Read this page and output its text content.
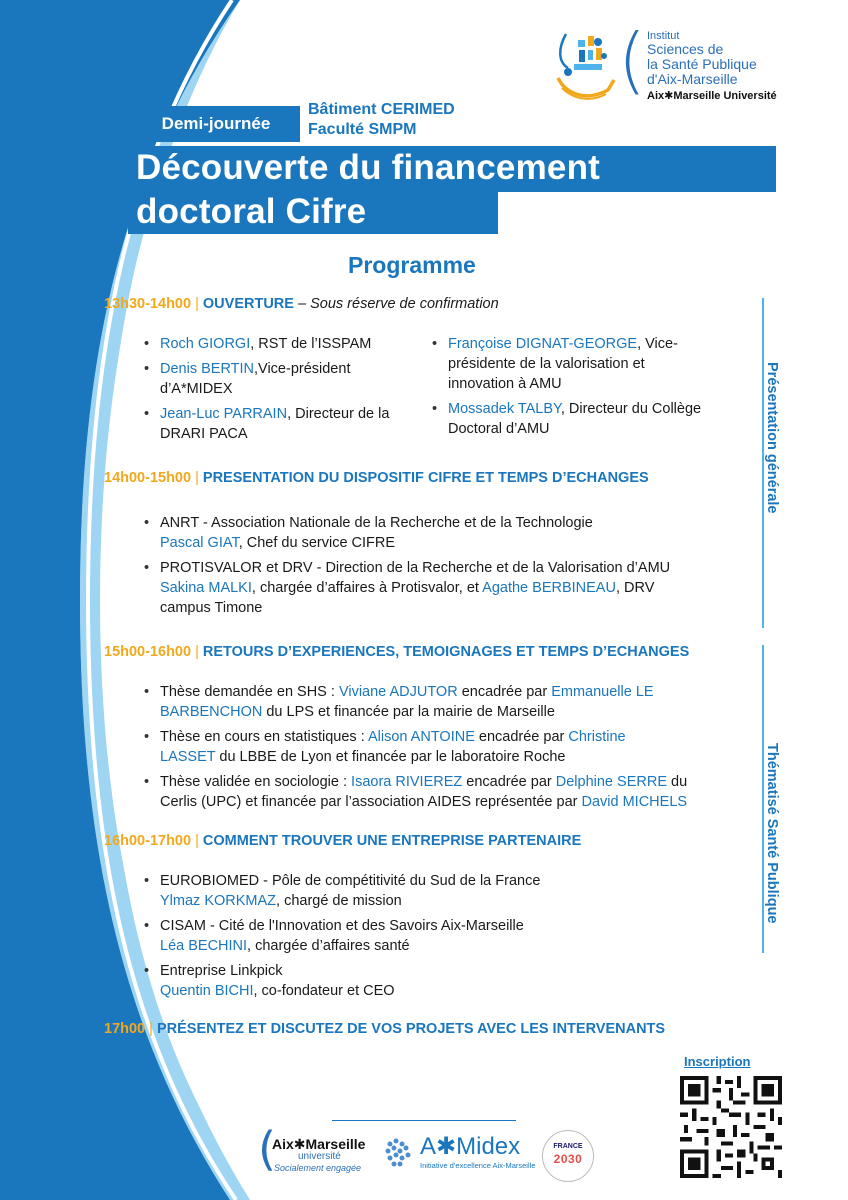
( Institut
Sciences de
la Santé Publique
d'Aix-Marseille
Aix✱Marseille Université
Demi-journée
Bâtiment CERIMED
Faculté SMPM
Découverte du financement
doctoral Cifre
Programme
13h30-14h00 | OUVERTURE – Sous réserve de confirmation
• Roch GIORGI, RST de l’ISSPAM
• Denis BERTIN,Vice-président
d’A*MIDEX
• Jean-Luc PARRAIN, Directeur de la
DRARI PACA
• Françoise DIGNAT-GEORGE, Vice-
présidente de la valorisation et
innovation à AMU
• Mossadek TALBY, Directeur du Collège
Doctoral d’AMU
14h00-15h00 | PRESENTATION DU DISPOSITIF CIFRE ET TEMPS D’ECHANGES
• ANRT - Association Nationale de la Recherche et de la Technologie
Pascal GIAT, Chef du service CIFRE
• PROTISVALOR et DRV - Direction de la Recherche et de la Valorisation d’AMU
Sakina MALKI, chargée d’affaires à Protisvalor, et Agathe BERBINEAU, DRV
campus Timone
15h00-16h00 | RETOURS D’EXPERIENCES, TEMOIGNAGES ET TEMPS D’ECHANGES
• Thèse demandée en SHS : Viviane ADJUTOR encadrée par Emmanuelle LE
BARBENCHON du LPS et financée par la mairie de Marseille
• Thèse en cours en statistiques : Alison ANTOINE encadrée par Christine
LASSET du LBBE de Lyon et financée par le laboratoire Roche
• Thèse validée en sociologie : Isaora RIVIEREZ encadrée par Delphine SERRE du
Cerlis (UPC) et financée par l’association AIDES représentée par David MICHELS
16h00-17h00 | COMMENT TROUVER UNE ENTREPRISE PARTENAIRE
• EUROBIOMED - Pôle de compétitivité du Sud de la France
Ylmaz KORKMAZ, chargé de mission
• CISAM - Cité de l'Innovation et des Savoirs Aix-Marseille
Léa BECHINI, chargée d’affaires santé
• Entreprise Linkpick
Quentin BICHI, co-fondateur et CEO
17h00 | PRÉSENTEZ ET DISCUTEZ DE VOS PROJETS AVEC LES INTERVENANTS
Présentation générale
Thématisé Santé Publique
Inscription
(
Aix✱Marseille
université
Socialement engagée
A✱Midex
Initiative d’excellence Aix-Marseille
FRANCE
2030
